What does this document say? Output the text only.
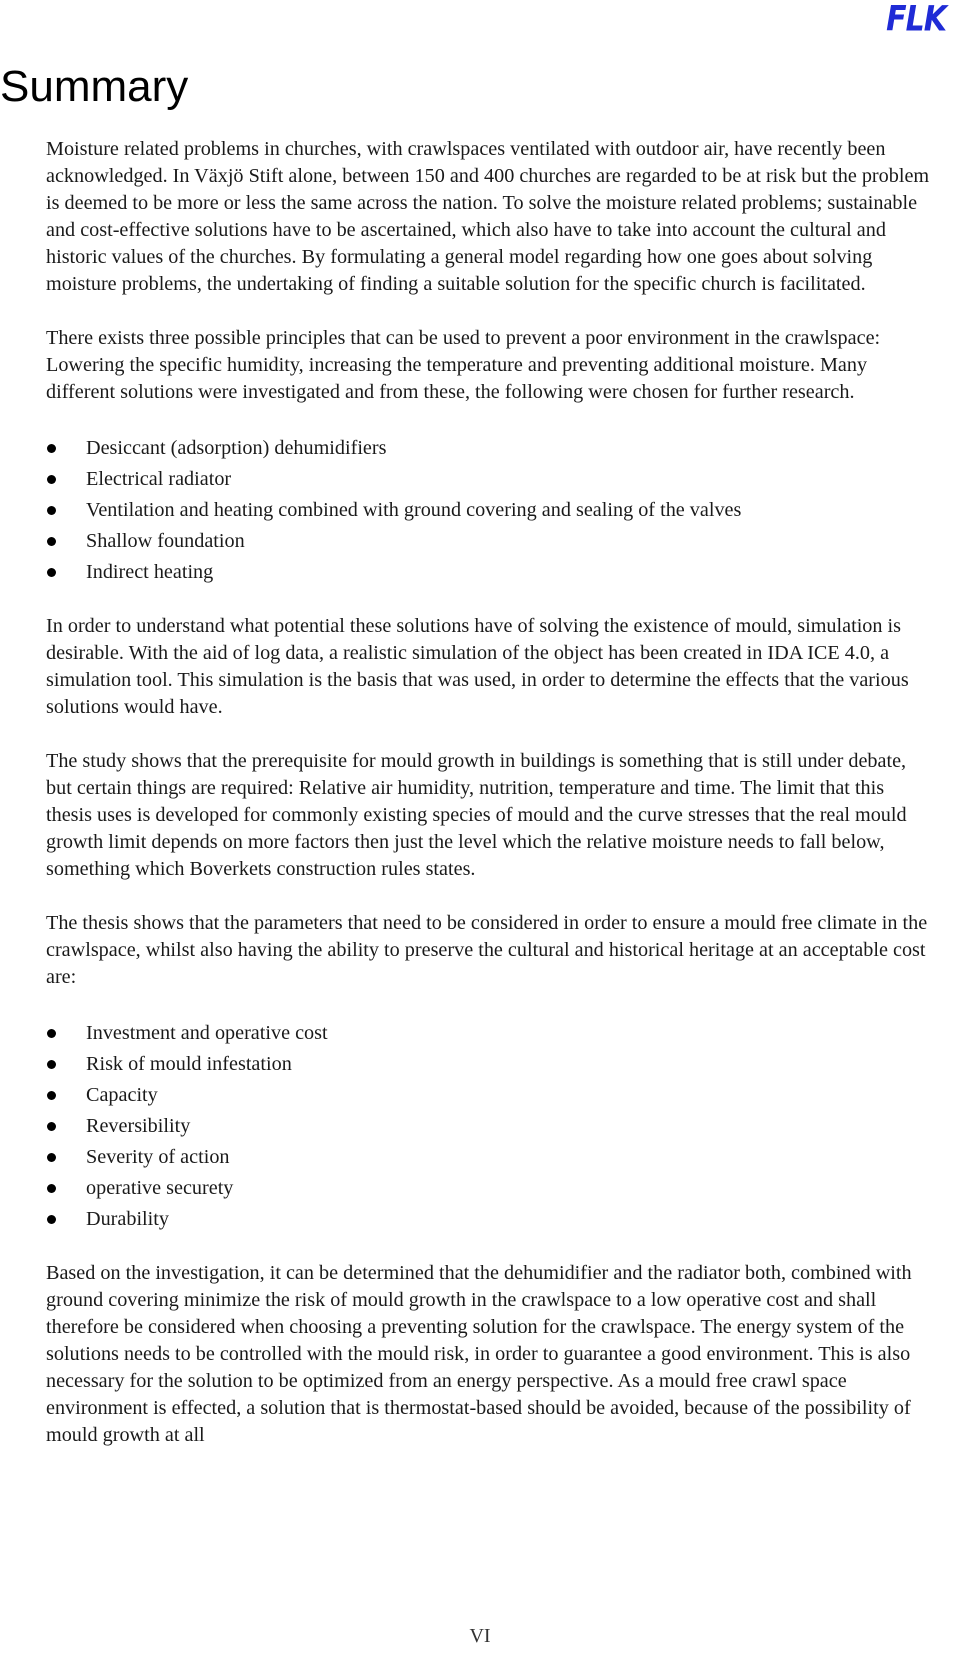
FLK
Summary

Moisture related problems in churches, with crawlspaces ventilated with outdoor air, have recently been acknowledged. In Växjö Stift alone, between 150 and 400 churches are regarded to be at risk but the problem is deemed to be more or less the same across the nation. To solve the moisture related problems; sustainable and cost-effective solutions have to be ascertained, which also have to take into account the cultural and historic values of the churches. By formulating a general model regarding how one goes about solving moisture problems, the undertaking of finding a suitable solution for the specific church is facilitated.

There exists three possible principles that can be used to prevent a poor environment in the crawlspace: Lowering the specific humidity, increasing the temperature and preventing additional moisture. Many different solutions were investigated and from these, the following were chosen for further research.

Desiccant (adsorption) dehumidifiers
Electrical radiator
Ventilation and heating combined with ground covering and sealing of the valves
Shallow foundation
Indirect heating

In order to understand what potential these solutions have of solving the existence of mould, simulation is desirable. With the aid of log data, a realistic simulation of the object has been created in IDA ICE 4.0, a simulation tool. This simulation is the basis that was used, in order to determine the effects that the various solutions would have.

The study shows that the prerequisite for mould growth in buildings is something that is still under debate, but certain things are required: Relative air humidity, nutrition, temperature and time. The limit that this thesis uses is developed for commonly existing species of mould and the curve stresses that the real mould growth limit depends on more factors then just the level which the relative moisture needs to fall below, something which Boverkets construction rules states.

The thesis shows that the parameters that need to be considered in order to ensure a mould free climate in the crawlspace, whilst also having the ability to preserve the cultural and historical heritage at an acceptable cost are:

Investment and operative cost
Risk of mould infestation
Capacity
Reversibility
Severity of action
operative securety
Durability

Based on the investigation, it can be determined that the dehumidifier and the radiator both, combined with ground covering minimize the risk of mould growth in the crawlspace to a low operative cost and shall therefore be considered when choosing a preventing solution for the crawlspace. The energy system of the solutions needs to be controlled with the mould risk, in order to guarantee a good environment. This is also necessary for the solution to be optimized from an energy perspective. As a mould free crawl space environment is effected, a solution that is thermostat-based should be avoided, because of the possibility of mould growth at all

VI
